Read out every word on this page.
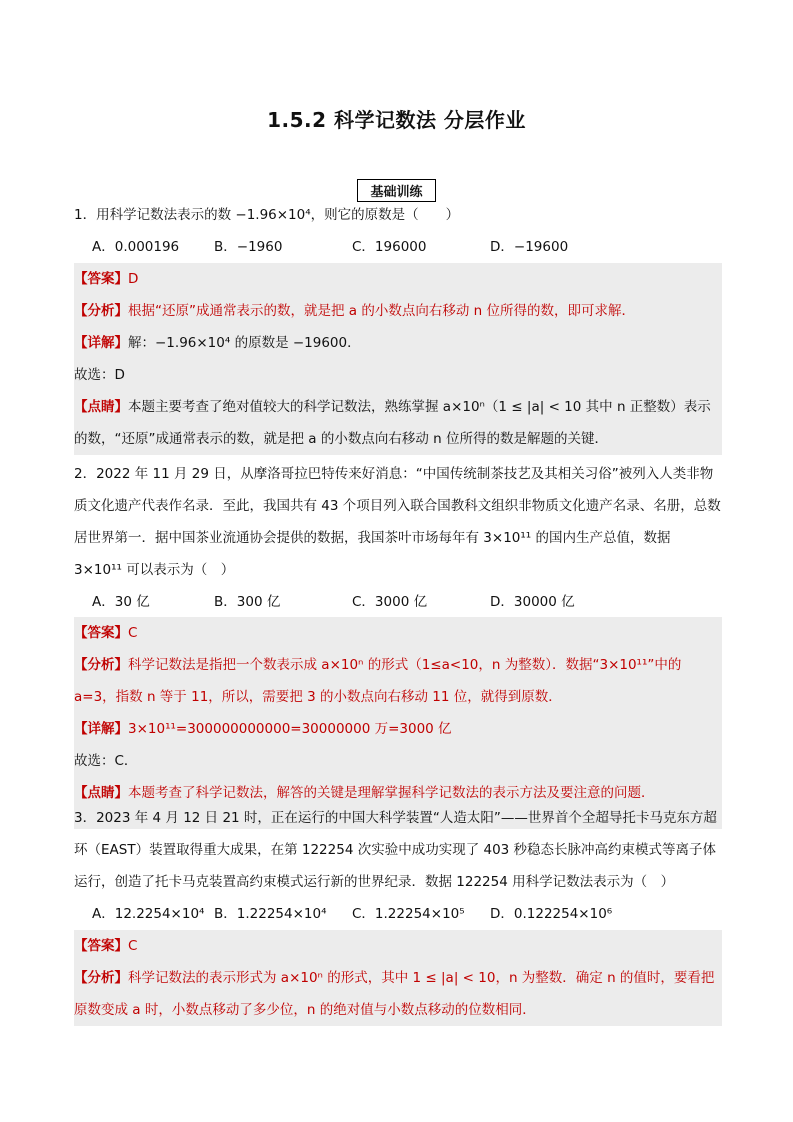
1.5.2 科学记数法 分层作业
基础训练
1．用科学记数法表示的数 −1.96×10⁴，则它的原数是（　　）
A．0.000196	B．−1960	C．196000	D．−19600
【答案】D
【分析】根据“还原”成通常表示的数，就是把 a 的小数点向右移动 n 位所得的数，即可求解．
【详解】解：−1.96×10⁴ 的原数是 −19600．
故选：D
【点睛】本题主要考查了绝对值较大的科学记数法，熟练掌握 a×10ⁿ（1 ≤ |a| < 10 其中 n 正整数）表示的数，“还原”成通常表示的数，就是把 a 的小数点向右移动 n 位所得的数是解题的关键．
2．2022 年 11 月 29 日，从摩洛哥拉巴特传来好消息：“中国传统制茶技艺及其相关习俗”被列入人类非物质文化遗产代表作名录．至此，我国共有 43 个项目列入联合国教科文组织非物质文化遗产名录、名册，总数居世界第一．据中国茶业流通协会提供的数据，我国茶叶市场每年有 3×10¹¹ 的国内生产总值，数据 3×10¹¹ 可以表示为（　）
A．30 亿	B．300 亿	C．3000 亿	D．30000 亿
【答案】C
【分析】科学记数法是指把一个数表示成 a×10ⁿ 的形式（1≤a<10，n 为整数）．数据“3×10¹¹”中的 a=3，指数 n 等于 11，所以，需要把 3 的小数点向右移动 11 位，就得到原数．
【详解】3×10¹¹=300000000000=30000000 万=3000 亿
故选：C．
【点睛】本题考查了科学记数法，解答的关键是理解掌握科学记数法的表示方法及要注意的问题．
3．2023 年 4 月 12 日 21 时，正在运行的中国大科学装置“人造太阳”——世界首个全超导托卡马克东方超环（EAST）装置取得重大成果，在第 122254 次实验中成功实现了 403 秒稳态长脉冲高约束模式等离子体运行，创造了托卡马克装置高约束模式运行新的世界纪录．数据 122254 用科学记数法表示为（　）
A．12.2254×10⁴ B．1.22254×10⁴	C．1.22254×10⁵	D．0.122254×10⁶
【答案】C
【分析】科学记数法的表示形式为 a×10ⁿ 的形式，其中 1 ≤ |a| < 10，n 为整数．确定 n 的值时，要看把原数变成 a 时，小数点移动了多少位，n 的绝对值与小数点移动的位数相同．
